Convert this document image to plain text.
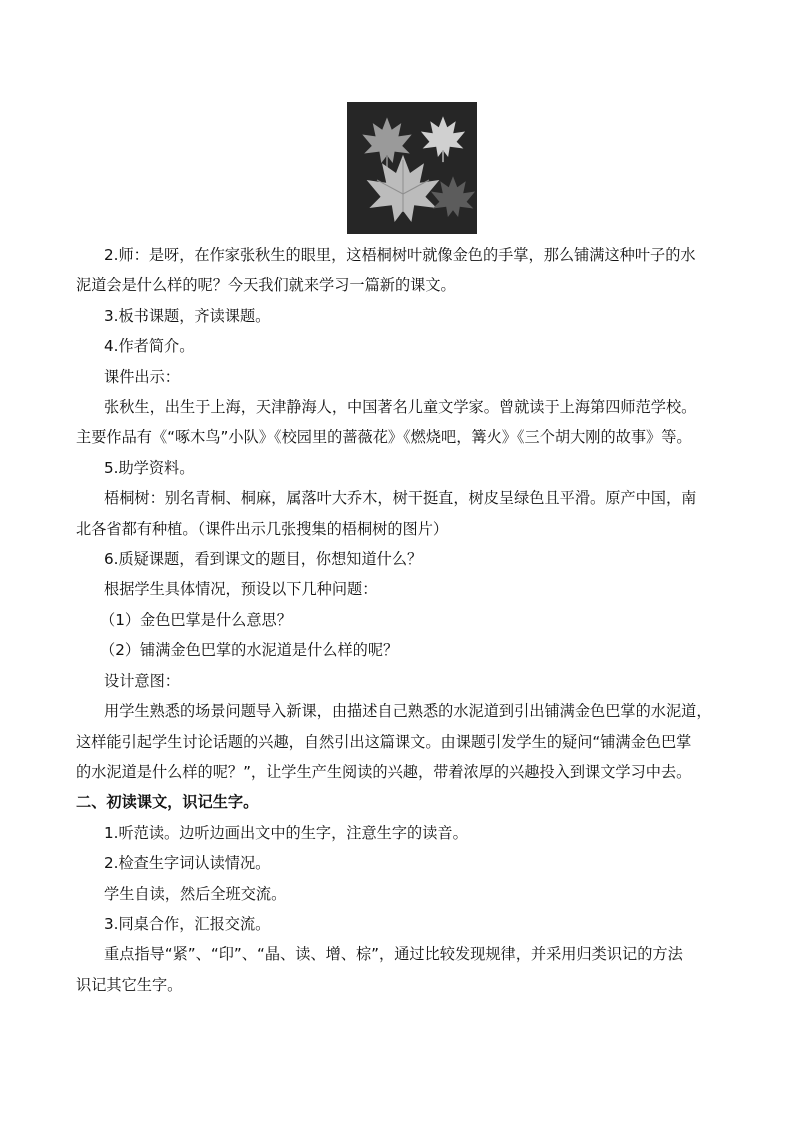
2.师：是呀，在作家张秋生的眼里，这梧桐树叶就像金色的手掌，那么铺满这种叶子的水

泥道会是什么样的呢？今天我们就来学习一篇新的课文。

3.板书课题，齐读课题。

4.作者简介。

课件出示：

张秋生，出生于上海，天津静海人，中国著名儿童文学家。曾就读于上海第四师范学校。

主要作品有《“啄木鸟”小队》《校园里的蔷薇花》《燃烧吧，篝火》《三个胡大刚的故事》等。

5.助学资料。

梧桐树：别名青桐、桐麻，属落叶大乔木，树干挺直，树皮呈绿色且平滑。原产中国，南

北各省都有种植。（课件出示几张搜集的梧桐树的图片）

6.质疑课题，看到课文的题目，你想知道什么？

根据学生具体情况，预设以下几种问题：

（1）金色巴掌是什么意思？

（2）铺满金色巴掌的水泥道是什么样的呢？

设计意图：

用学生熟悉的场景问题导入新课，由描述自己熟悉的水泥道到引出铺满金色巴掌的水泥道，

这样能引起学生讨论话题的兴趣，自然引出这篇课文。由课题引发学生的疑问“铺满金色巴掌

的水泥道是什么样的呢？”，让学生产生阅读的兴趣，带着浓厚的兴趣投入到课文学习中去。

二、初读课文，识记生字。

1.听范读。边听边画出文中的生字，注意生字的读音。

2.检查生字词认读情况。

学生自读，然后全班交流。

3.同桌合作，汇报交流。

重点指导“紧”、“印”、“晶、读、增、棕”，通过比较发现规律，并采用归类识记的方法

识记其它生字。
